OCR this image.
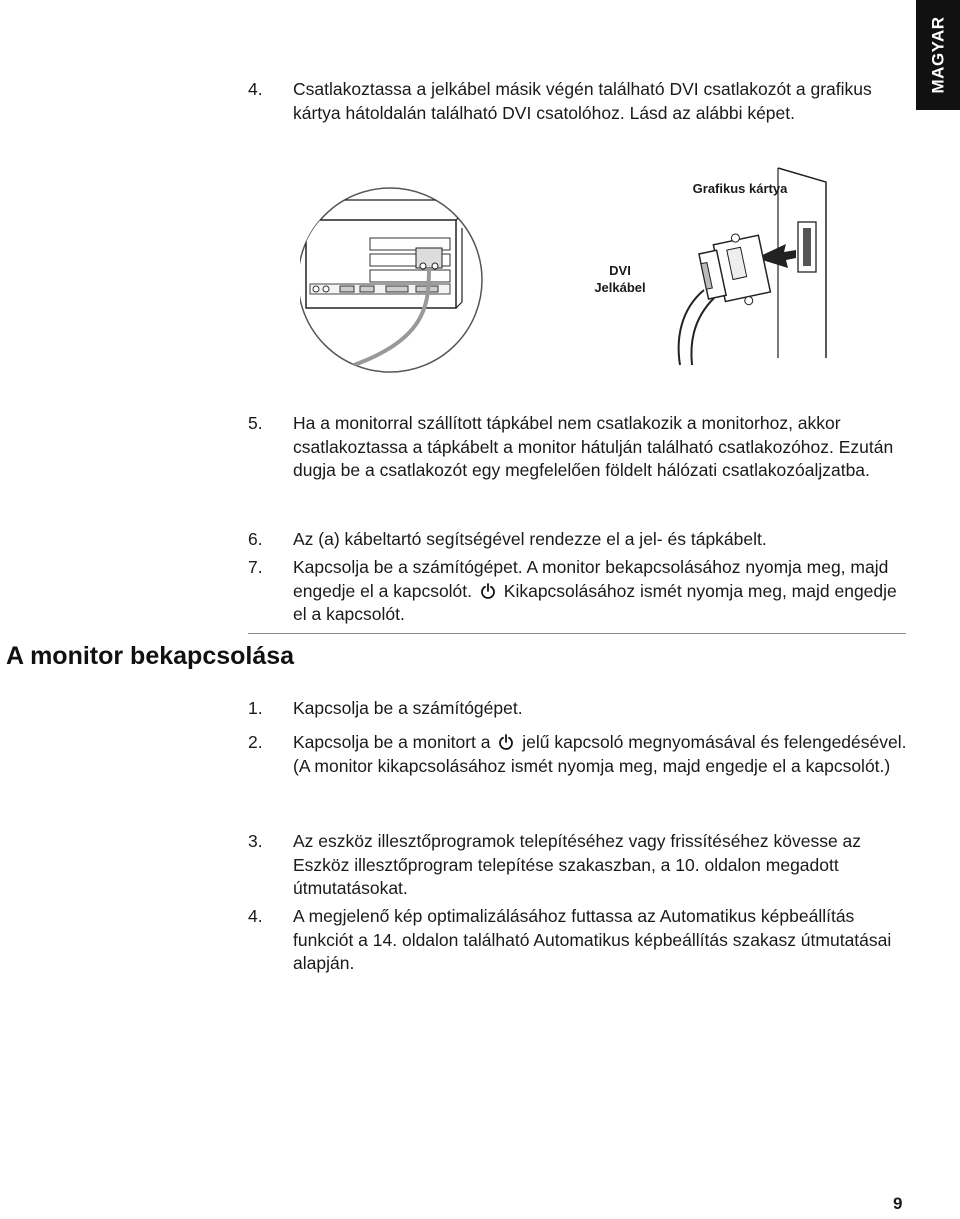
MAGYAR
4.	Csatlakoztassa a jelkábel másik végén található DVI csatlakozót a grafikus kártya hátoldalán található DVI csatolóhoz. Lásd az alábbi képet.
Grafikus kártya
DVI
Jelkábel
5.	Ha a monitorral szállított tápkábel nem csatlakozik a monitorhoz, akkor csatlakoztassa a tápkábelt a monitor hátulján található csatlakozóhoz. Ezután dugja be a csatlakozót egy megfelelően földelt hálózati csatlakozóaljzatba.
6.	Az (a) kábeltartó segítségével rendezze el a jel- és tápkábelt.
7.	Kapcsolja be a számítógépet. A monitor bekapcsolásához nyomja meg, majd engedje el a kapcsolót. Kikapcsolásához ismét nyomja meg, majd engedje el a kapcsolót.
A monitor bekapcsolása
1.	Kapcsolja be a számítógépet.
2.	Kapcsolja be a monitort a jelű kapcsoló megnyomásával és felengedésével.

(A monitor kikapcsolásához ismét nyomja meg, majd engedje el a kapcsolót.)

3.	Az eszköz illesztőprogramok telepítéséhez vagy frissítéséhez kövesse az Eszköz illesztőprogram telepítése szakaszban, a 10. oldalon megadott útmutatásokat.
4.	A megjelenő kép optimalizálásához futtassa az Automatikus képbeállítás funkciót a 14. oldalon található Automatikus képbeállítás szakasz útmutatásai alapján.
9
